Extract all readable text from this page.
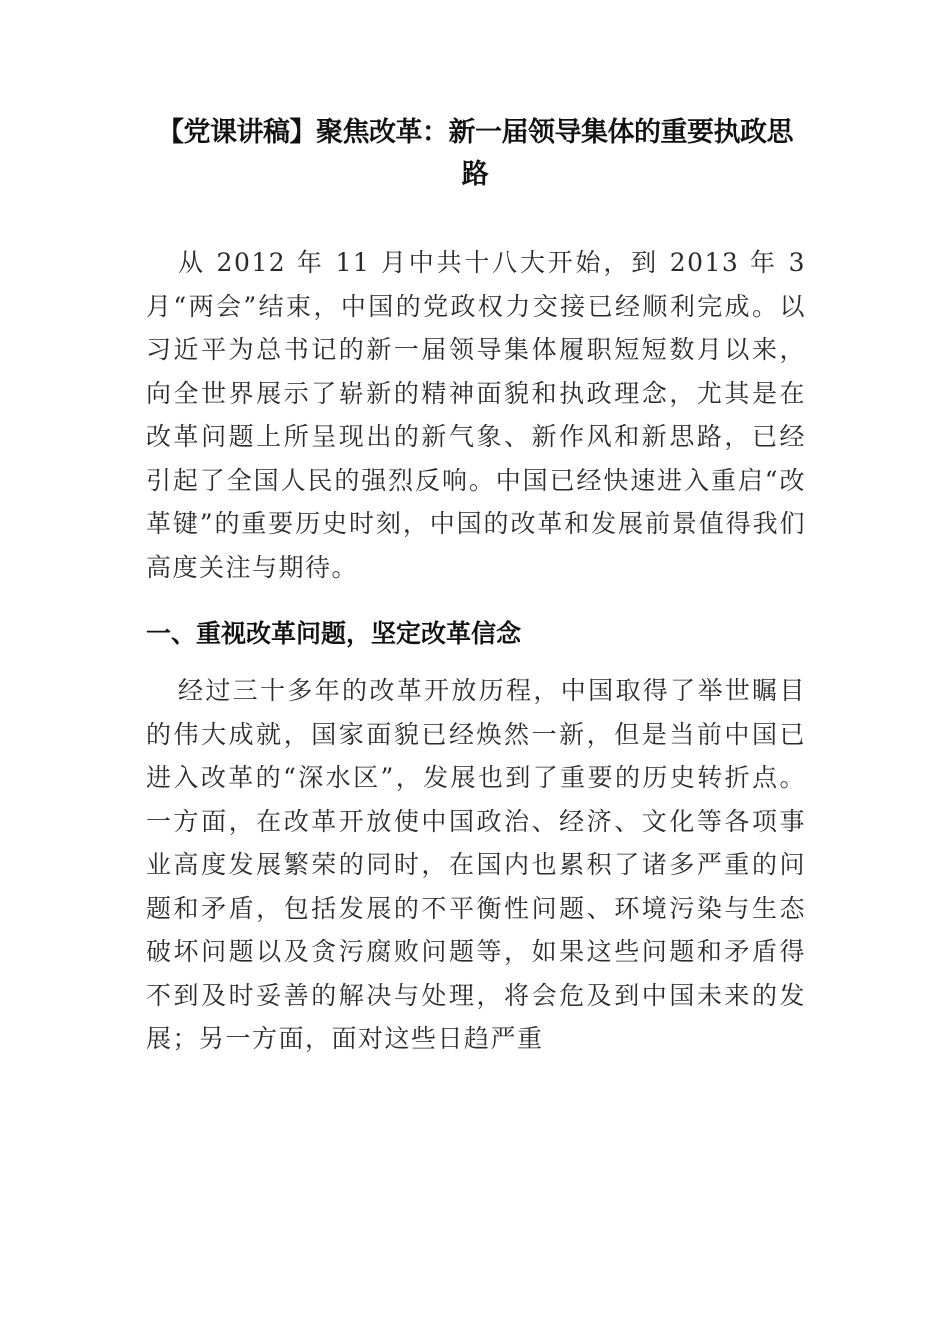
【党课讲稿】聚焦改革：新一届领导集体的重要执政思路

从 2012 年 11 月中共十八大开始，到 2013 年 3 月“两会”结束，中国的党政权力交接已经顺利完成。以习近平为总书记的新一届领导集体履职短短数月以来，向全世界展示了崭新的精神面貌和执政理念，尤其是在改革问题上所呈现出的新气象、新作风和新思路，已经引起了全国人民的强烈反响。中国已经快速进入重启“改革键”的重要历史时刻，中国的改革和发展前景值得我们高度关注与期待。

一、重视改革问题，坚定改革信念

经过三十多年的改革开放历程，中国取得了举世瞩目的伟大成就，国家面貌已经焕然一新，但是当前中国已进入改革的“深水区”，发展也到了重要的历史转折点。一方面，在改革开放使中国政治、经济、文化等各项事业高度发展繁荣的同时，在国内也累积了诸多严重的问题和矛盾，包括发展的不平衡性问题、环境污染与生态破坏问题以及贪污腐败问题等，如果这些问题和矛盾得不到及时妥善的解决与处理，将会危及到中国未来的发展；另一方面，面对这些日趋严重
